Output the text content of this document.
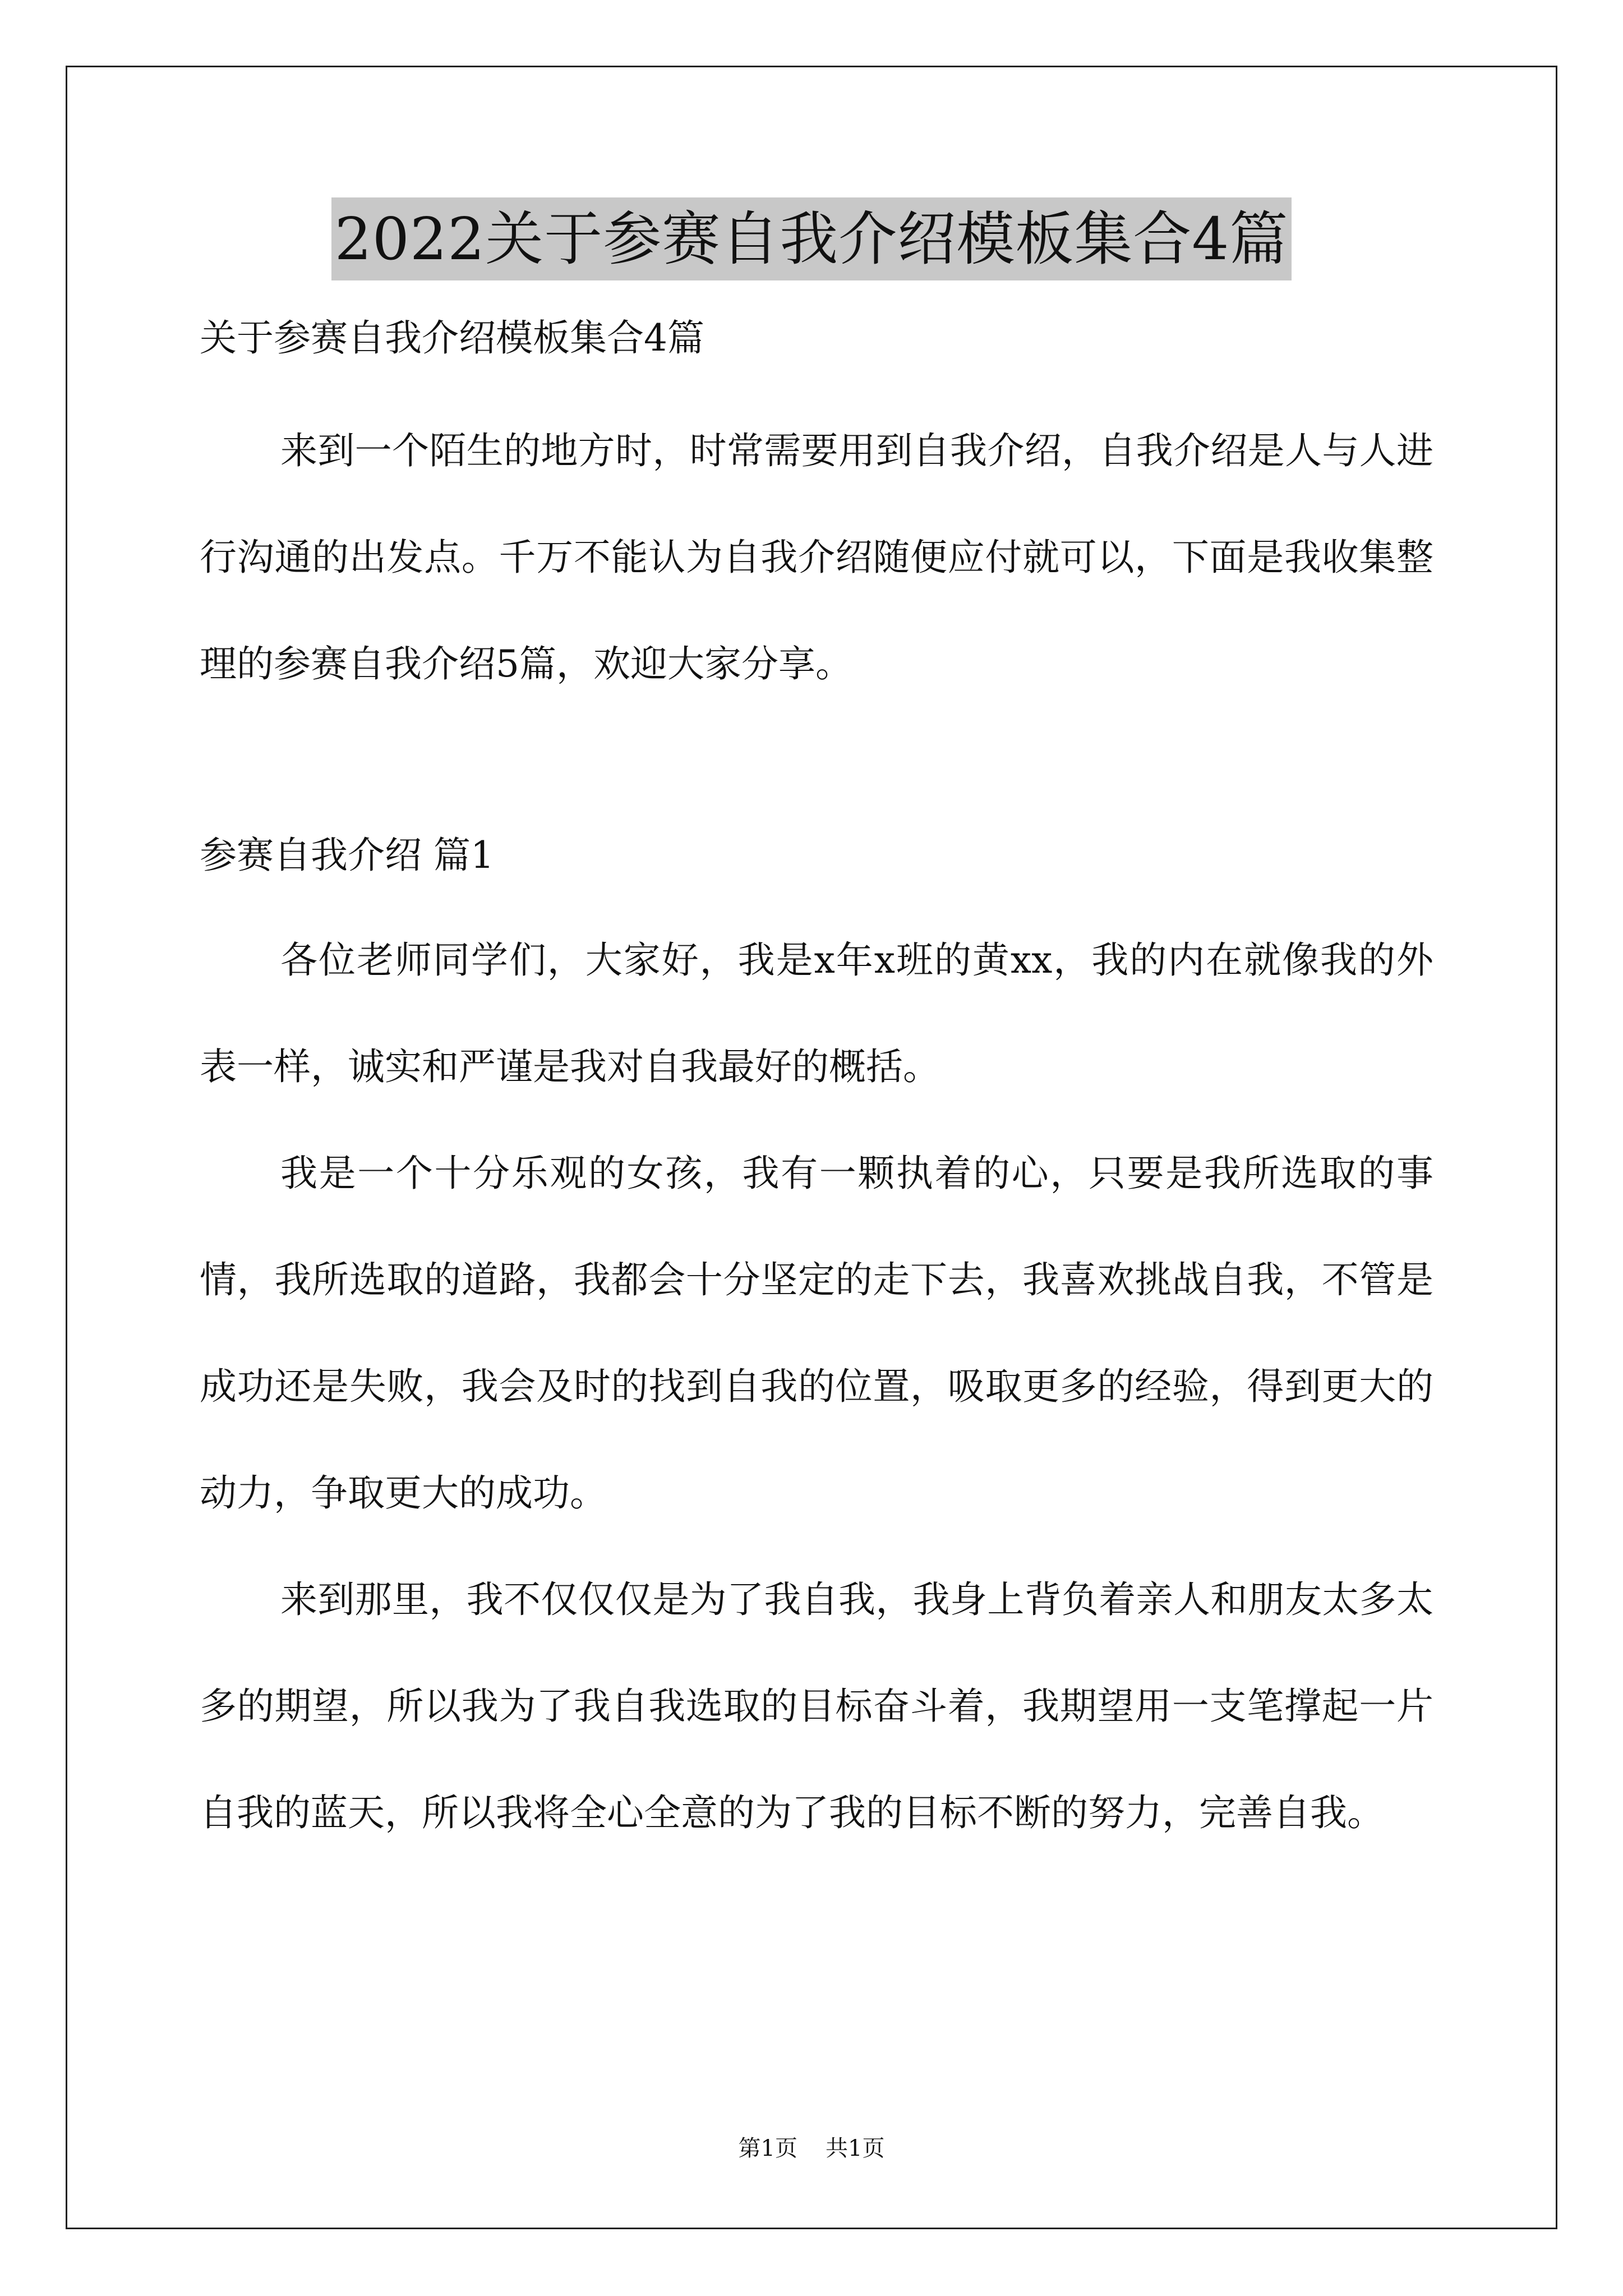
2022关于参赛自我介绍模板集合4篇

关于参赛自我介绍模板集合4篇

来到一个陌生的地方时，时常需要用到自我介绍，自我介绍是人与人进行沟通的出发点。千万不能认为自我介绍随便应付就可以，下面是我收集整理的参赛自我介绍5篇，欢迎大家分享。

参赛自我介绍 篇1

各位老师同学们，大家好，我是x年x班的黄xx，我的内在就像我的外表一样，诚实和严谨是我对自我最好的概括。

我是一个十分乐观的女孩，我有一颗执着的心，只要是我所选取的事情，我所选取的道路，我都会十分坚定的走下去，我喜欢挑战自我，不管是成功还是失败，我会及时的找到自我的位置，吸取更多的经验，得到更大的动力，争取更大的成功。

来到那里，我不仅仅仅是为了我自我，我身上背负着亲人和朋友太多太多的期望，所以我为了我自我选取的目标奋斗着，我期望用一支笔撑起一片自我的蓝天，所以我将全心全意的为了我的目标不断的努力，完善自我。

第1页 共1页
